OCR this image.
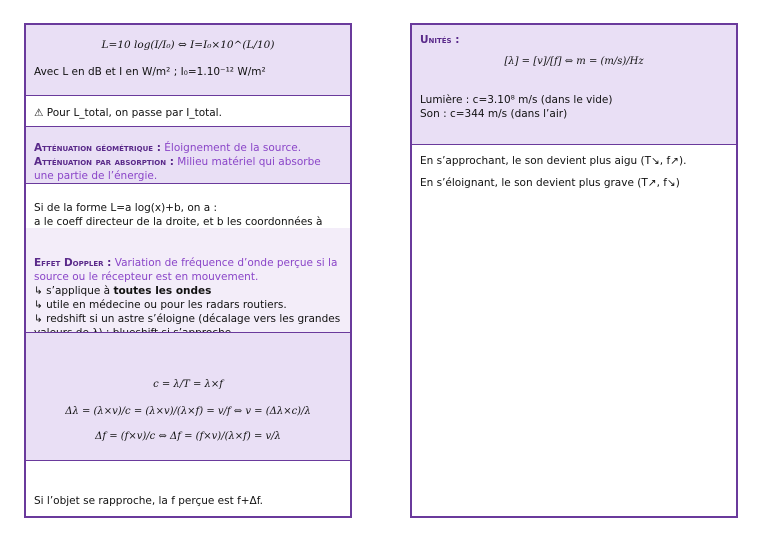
L=10 log(I/I₀) ⇔ I=I₀×10^(L/10)
Avec L en dB et I en W/m² ; I₀=1.10⁻¹² W/m²
⚠ Pour L_total, on passe par I_total.
Atténuation géométrique : Éloignement de la source.
Atténuation par absorption : Milieu matériel qui absorbe une partie de l’énergie.
Si de la forme L=a log(x)+b, on a :
a le coeff directeur de la droite, et b les coordonnées à
Effet Doppler : Variation de fréquence d’onde perçue si la source ou le récepteur est en mouvement.
↳ s’applique à toutes les ondes
↳ utile en médecine ou pour les radars routiers.
↳ redshift si un astre s’éloigne (décalage vers les grandes
c = λ/T = λ×f
Δλ = (λ×v)/c = (λ×v)/(λ×f) = v/f ⇔ v = (Δλ×c)/λ
Δf = (f×v)/c ⇔ Δf = (f×v)/(λ×f) = v/λ
Si l’objet se rapproche, la f perçue est f+Δf.
Unités :
[λ] = [v]/[f] ⇔ m = (m/s)/Hz
Lumière : c=3.10⁸ m/s (dans le vide)
Son : c=344 m/s (dans l’air)
En s’approchant, le son devient plus aigu (T↘, f↗).
En s’éloignant, le son devient plus grave (T↗, f↘)
